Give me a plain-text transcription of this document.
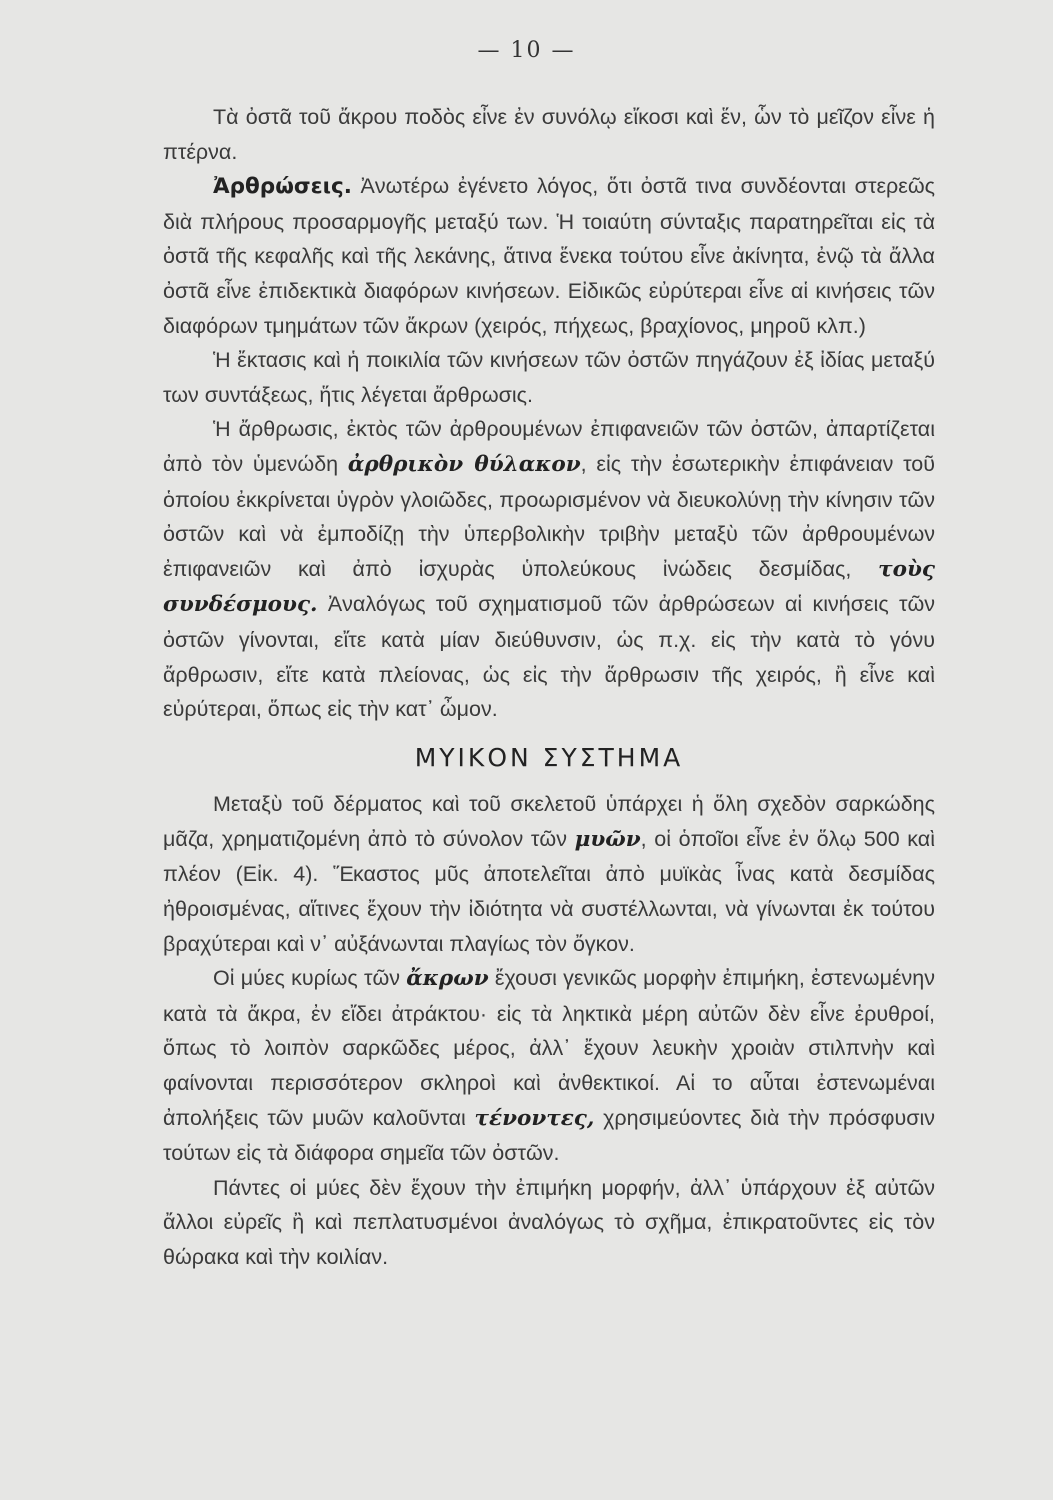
— 10 —

Τὰ ὀστᾶ τοῦ ἄκρου ποδὸς εἶνε ἐν συνόλῳ εἴκοσι καὶ ἕν, ὧν τὸ μεῖζον εἶνε ἡ πτέρνα.

Ἀρθρώσεις. Ἀνωτέρω ἐγένετο λόγος, ὅτι ὀστᾶ τινα συνδέονται στερεῶς διὰ πλήρους προσαρμογῆς μεταξύ των. Ἡ τοιαύτη σύνταξις παρατηρεῖται εἰς τὰ ὀστᾶ τῆς κεφαλῆς καὶ τῆς λεκάνης, ἅτινα ἕνεκα τούτου εἶνε ἀκίνητα, ἐνῷ τὰ ἄλλα ὀστᾶ εἶνε ἐπιδεκτικὰ διαφόρων κινήσεων. Εἰδικῶς εὐρύτεραι εἶνε αἱ κινήσεις τῶν διαφόρων τμημάτων τῶν ἄκρων (χειρός, πήχεως, βραχίονος, μηροῦ κλπ.)

Ἡ ἔκτασις καὶ ἡ ποικιλία τῶν κινήσεων τῶν ὀστῶν πηγάζουν ἐξ ἰδίας μεταξύ των συντάξεως, ἥτις λέγεται ἄρθρωσις.

Ἡ ἄρθρωσις, ἐκτὸς τῶν ἀρθρουμένων ἐπιφανειῶν τῶν ὀστῶν, ἀπαρτίζεται ἀπὸ τὸν ὑμενώδη ἀρθρικὸν θύλακον, εἰς τὴν ἐσωτερικὴν ἐπιφάνειαν τοῦ ὁποίου ἐκκρίνεται ὑγρὸν γλοιῶδες, προωρισμένον νὰ διευκολύνῃ τὴν κίνησιν τῶν ὀστῶν καὶ νὰ ἐμποδίζῃ τὴν ὑπερβολικὴν τριβὴν μεταξὺ τῶν ἀρθρουμένων ἐπιφανειῶν καὶ ἀπὸ ἰσχυρὰς ὑπολεύκους ἰνώδεις δεσμίδας, τοὺς συνδέσμους. Ἀναλόγως τοῦ σχηματισμοῦ τῶν ἀρθρώσεων αἱ κινήσεις τῶν ὀστῶν γίνονται, εἴτε κατὰ μίαν διεύθυνσιν, ὡς π.χ. εἰς τὴν κατὰ τὸ γόνυ ἄρθρωσιν, εἴτε κατὰ πλείονας, ὡς εἰς τὴν ἄρθρωσιν τῆς χειρός, ἢ εἶνε καὶ εὐρύτεραι, ὅπως εἰς τὴν κατ᾽ ὦμον.

ΜΥΙΚΟΝ ΣΥΣΤΗΜΑ

Μεταξὺ τοῦ δέρματος καὶ τοῦ σκελετοῦ ὑπάρχει ἡ ὅλη σχεδὸν σαρκώδης μᾶζα, χρηματιζομένη ἀπὸ τὸ σύνολον τῶν μυῶν, οἱ ὁποῖοι εἶνε ἐν ὅλῳ 500 καὶ πλέον (Εἰκ. 4). Ἕκαστος μῦς ἀποτελεῖται ἀπὸ μυϊκὰς ἶνας κατὰ δεσμίδας ἠθροισμένας, αἵτινες ἔχουν τὴν ἰδιότητα νὰ συστέλλωνται, νὰ γίνωνται ἐκ τούτου βραχύτεραι καὶ ν᾽ αὐξάνωνται πλαγίως τὸν ὄγκον.

Οἱ μύες κυρίως τῶν ἄκρων ἔχουσι γενικῶς μορφὴν ἐπιμήκη, ἐστενωμένην κατὰ τὰ ἄκρα, ἐν εἴδει ἀτράκτου· εἰς τὰ ληκτικὰ μέρη αὐτῶν δὲν εἶνε ἐρυθροί, ὅπως τὸ λοιπὸν σαρκῶδες μέρος, ἀλλ᾽ ἔχουν λευκὴν χροιὰν στιλπνὴν καὶ φαίνονται περισσότερον σκληροὶ καὶ ἀνθεκτικοί. Αἱ το αὗται ἐστενωμέναι ἀπολήξεις τῶν μυῶν καλοῦνται τένοντες, χρησιμεύοντες διὰ τὴν πρόσφυσιν τούτων εἰς τὰ διάφορα σημεῖα τῶν ὀστῶν.

Πάντες οἱ μύες δὲν ἔχουν τὴν ἐπιμήκη μορφήν, ἀλλ᾽ ὑπάρχουν ἐξ αὐτῶν ἄλλοι εὐρεῖς ἢ καὶ πεπλατυσμένοι ἀναλόγως τὸ σχῆμα, ἐπικρατοῦντες εἰς τὸν θώρακα καὶ τὴν κοιλίαν.
